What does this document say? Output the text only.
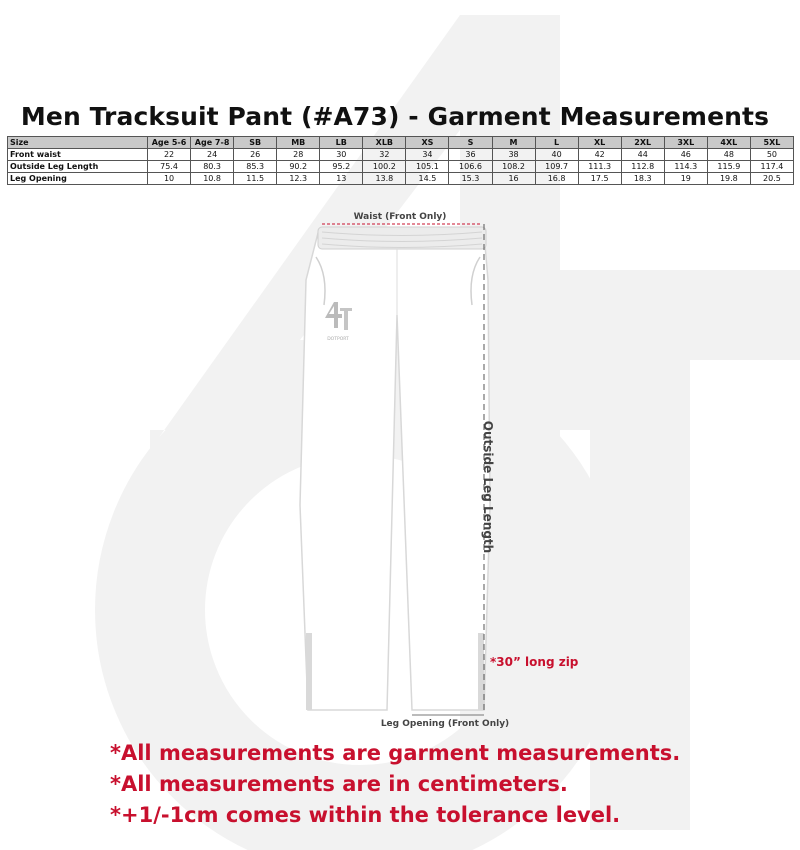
Men Tracksuit Pant (#A73) - Garment Measurements
Size	Age 5-6	Age 7-8	SB	MB	LB	XLB	XS	S	M	L	XL	2XL	3XL	4XL	5XL
Front waist	22	24	26	28	30	32	34	36	38	40	42	44	46	48	50
Outside Leg Length	75.4	80.3	85.3	90.2	95.2	100.2	105.1	106.6	108.2	109.7	111.3	112.8	114.3	115.9	117.4
Leg Opening	10	10.8	11.5	12.3	13	13.8	14.5	15.3	16	16.8	17.5	18.3	19	19.8	20.5
DOTPORT
Waist (Front Only)
Outside Leg Length
*30” long zip
Leg Opening (Front Only)
*All measurements are garment measurements.
*All measurements are in centimeters.
*+1/-1cm comes within the tolerance level.
